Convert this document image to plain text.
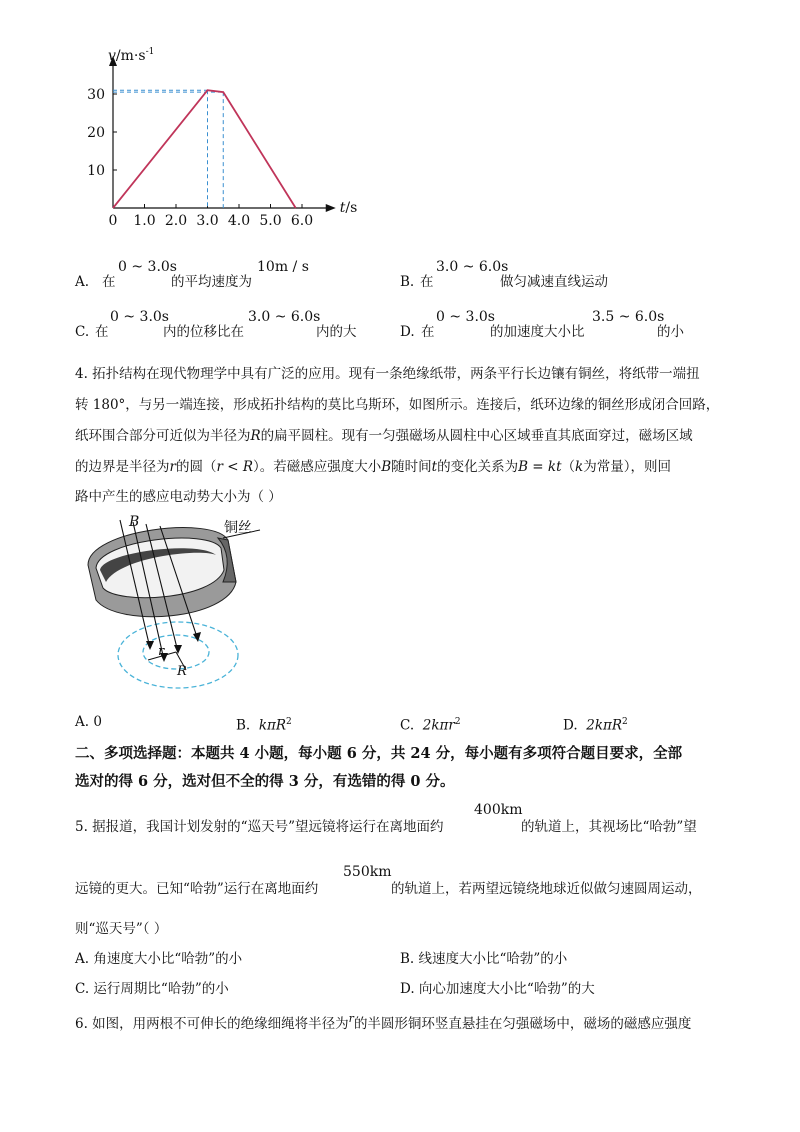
0 1.0 2.0 3.0 4.0 5.0 6.0
10
20
30
$v/m\cdot s^{-1}$
t/s
A. 在
0 ~ 3.0s
的平均速度为
10m / s
B. 在
3.0 ~ 6.0s
做匀减速直线运动
C. 在
0 ~ 3.0s
内的位移比在
3.0 ~ 6.0s
内的大	D. 在
0 ~ 3.0s
的加速度大小比
3.5 ~ 6.0s
的小
4. 拓扑结构在现代物理学中具有广泛的应用。现有一条绝缘纸带，两条平行长边镶有铜丝，将纸带一端扭
转 180°，与另一端连接，形成拓扑结构的莫比乌斯环，如图所示。连接后，纸环边缘的铜丝形成闭合回路，
纸环围合部分可近似为半径为R的扁平圆柱。现有一匀强磁场从圆柱中心区域垂直其底面穿过，磁场区域
的边界是半径为r的圆（r < R）。若磁感应强度大小B随时间t的变化关系为B = kt（k为常量），则回
路中产生的感应电动势大小为（ ）
B	铜丝
r
R
A. 0	B. kπR$^2$	C. 2kπr$^2$	D. 2kπR$^2$
二、多项选择题：本题共 4 小题，每小题 6 分，共 24 分，每小题有多项符合题目要求，全部
选对的得 6 分，选对但不全的得 3 分，有选错的得 0 分。
5. 据报道，我国计划发射的“巡天号”望远镜将运行在离地面约
400km
的轨道上，其视场比“哈勃”望
远镜的更大。已知“哈勃”运行在离地面约
550km
的轨道上，若两望远镜绕地球近似做匀速圆周运动，
则“巡天号”（ ）
A. 角速度大小比“哈勃”的小	B. 线速度大小比“哈勃”的小
C. 运行周期比“哈勃”的小	D. 向心加速度大小比“哈勃”的大
6. 如图，用两根不可伸长的绝缘细绳将半径为$^r$的半圆形铜环竖直悬挂在匀强磁场中，磁场的磁感应强度
